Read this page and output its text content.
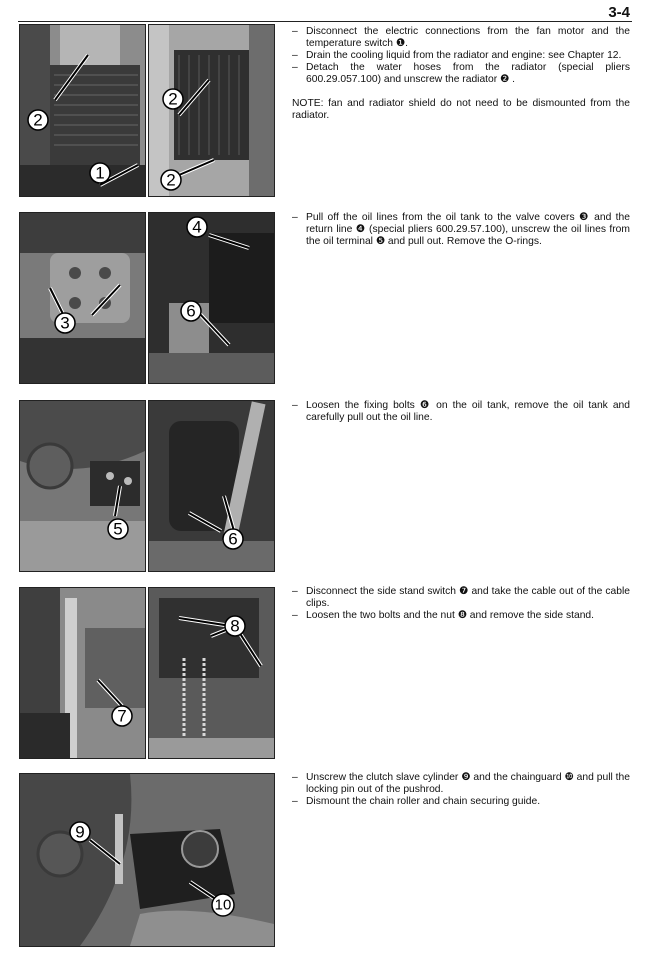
3-4
2
1
2
2
– Disconnect the electric connections from the fan motor and the temperature switch ❶.
– Drain the cooling liquid from the radiator and engine: see Chapter 12.
– Detach the water hoses from the radiator (special pliers 600.29.057.100) and unscrew the radiator ❷ .
NOTE: fan and radiator shield do not need to be dismounted from the radiator.
3
4
6
– Pull off the oil lines from the oil tank to the valve covers ❸ and the return line ❹ (special pliers 600.29.57.100), unscrew the oil lines from the oil terminal ❺ and pull out. Remove the O-rings.
5
6
– Loosen the fixing bolts ❻ on the oil tank, remove the oil tank and carefully pull out the oil line.
7
8
– Disconnect the side stand switch ❼ and take the cable out of the cable clips.
– Loosen the two bolts and the nut ❽ and remove the side stand.
9
10
– Unscrew the clutch slave cylinder ❾ and the chainguard ❿ and pull the locking pin out of the pushrod.
– Dismount the chain roller and chain securing guide.
